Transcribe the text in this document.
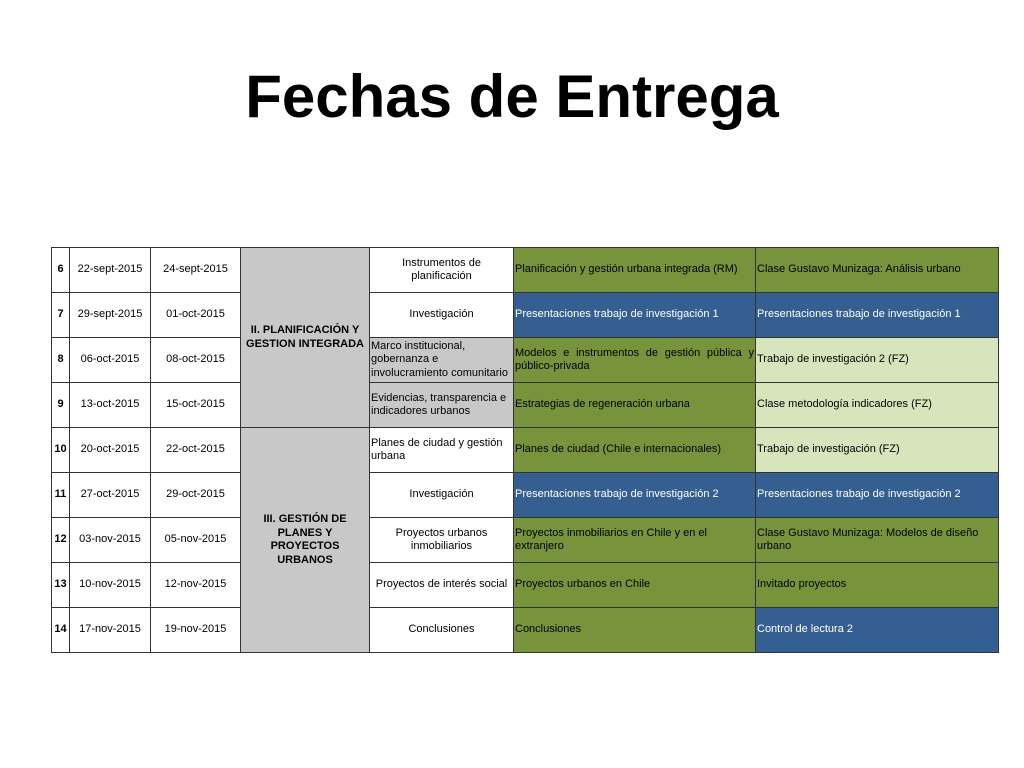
Fechas de Entrega
6	22-sept-2015	24-sept-2015	II. PLANIFICACIÓN Y GESTION INTEGRADA	Instrumentos de planificación	Planificación y gestión urbana integrada (RM)	Clase Gustavo Munizaga: Análisis urbano
7	29-sept-2015	01-oct-2015		Investigación	Presentaciones trabajo de investigación 1	Presentaciones trabajo de investigación 1
8	06-oct-2015	08-oct-2015		Marco institucional, gobernanza e involucramiento comunitario	Modelos e instrumentos de gestión pública y público-privada	Trabajo de investigación 2 (FZ)
9	13-oct-2015	15-oct-2015		Evidencias, transparencia e indicadores urbanos	Estrategias de regeneración urbana	Clase metodología indicadores (FZ)
10	20-oct-2015	22-oct-2015	III. GESTIÓN DE PLANES Y PROYECTOS URBANOS	Planes de ciudad y gestión urbana	Planes de ciudad (Chile e internacionales)	Trabajo de investigación (FZ)
11	27-oct-2015	29-oct-2015		Investigación	Presentaciones trabajo de investigación 2	Presentaciones trabajo de investigación 2
12	03-nov-2015	05-nov-2015		Proyectos urbanos inmobiliarios	Proyectos inmobiliarios en Chile y en el extranjero	Clase Gustavo Munizaga: Modelos de diseño urbano
13	10-nov-2015	12-nov-2015		Proyectos de interés social	Proyectos urbanos en Chile	Invitado proyectos
14	17-nov-2015	19-nov-2015		Conclusiones	Conclusiones	Control de lectura 2
